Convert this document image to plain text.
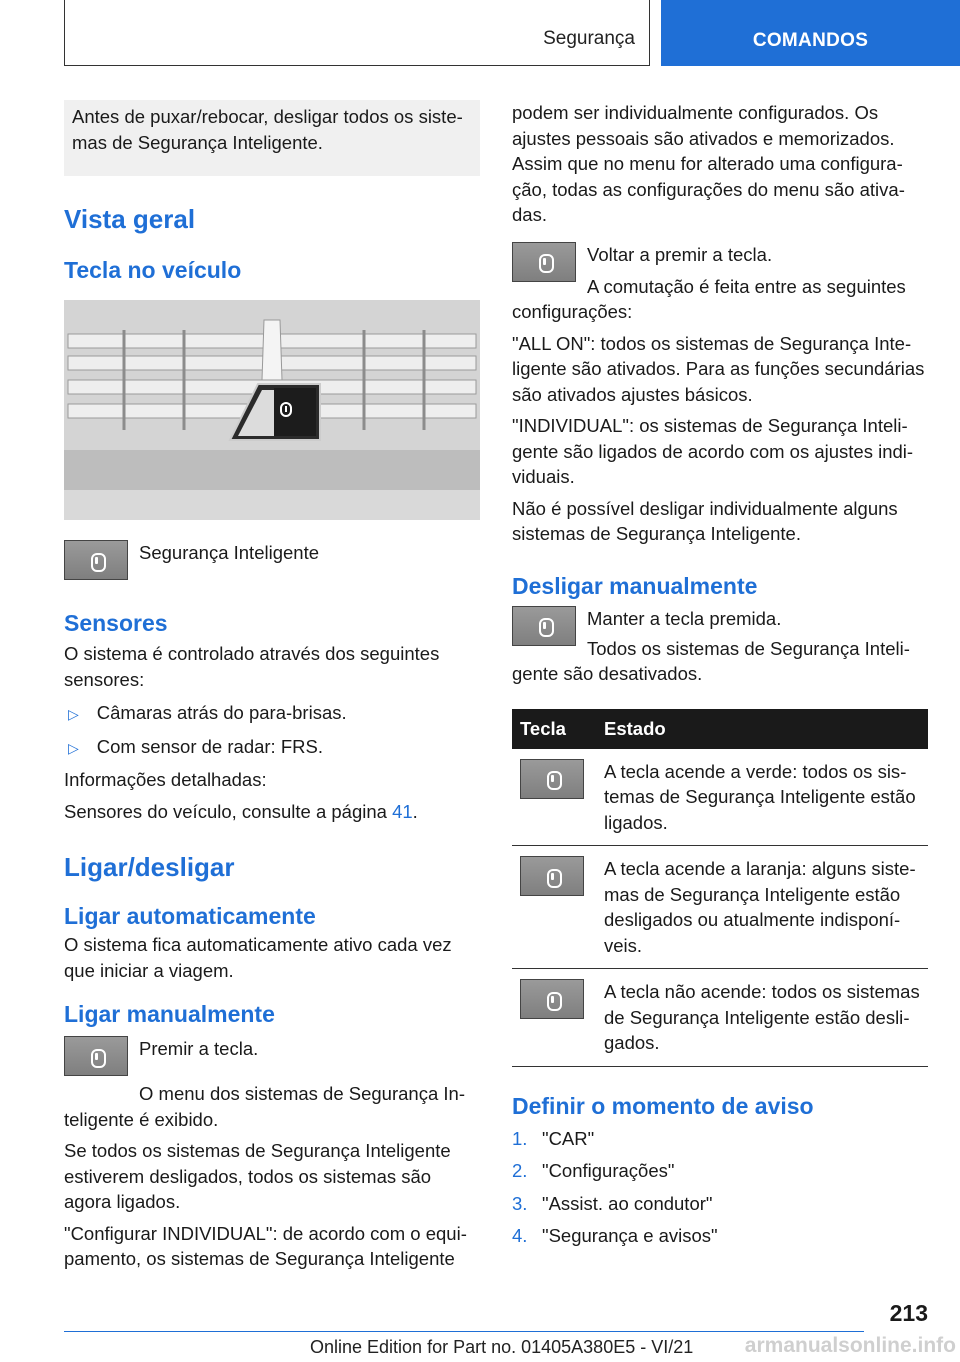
Segurança	COMANDOS

Antes de puxar/rebocar, desligar todos os sistemas de Segurança Inteligente.

Vista geral
Tecla no veículo

Segurança Inteligente

Sensores

O sistema é controlado através dos seguintes sensores:

▷ Câmaras atrás do para-brisas.
▷ Com sensor de radar: FRS.

Informações detalhadas:

Sensores do veículo, consulte a página 41.

Ligar/desligar
Ligar automaticamente

O sistema fica automaticamente ativo cada vez que iniciar a viagem.

Ligar manualmente

Premir a tecla.

O menu dos sistemas de Segurança Inteligente é exibido.

Se todos os sistemas de Segurança Inteligente estiverem desligados, todos os sistemas são agora ligados.

"Configurar INDIVIDUAL": de acordo com o equipamento, os sistemas de Segurança Inteligente

podem ser individualmente configurados. Os ajustes pessoais são ativados e memorizados. Assim que no menu for alterado uma configuração, todas as configurações do menu são ativadas.

Voltar a premir a tecla.

A comutação é feita entre as seguintes configurações:

"ALL ON": todos os sistemas de Segurança Inteligente são ativados. Para as funções secundárias são ativados ajustes básicos.

"INDIVIDUAL": os sistemas de Segurança Inteligente são ligados de acordo com os ajustes individuais.

Não é possível desligar individualmente alguns sistemas de Segurança Inteligente.

Desligar manualmente

Manter a tecla premida.

Todos os sistemas de Segurança Inteligente são desativados.

Tecla	Estado
	A tecla acende a verde: todos os sistemas de Segurança Inteligente estão ligados.
	A tecla acende a laranja: alguns sistemas de Segurança Inteligente estão desligados ou atualmente indisponíveis.
	A tecla não acende: todos os sistemas de Segurança Inteligente estão desligados.
Definir o momento de aviso
1. "CAR"
2. "Configurações"
3. "Assist. ao condutor"
4. "Segurança e avisos"
213
Online Edition for Part no. 01405A380E5 - VI/21 armanualsonline.info
